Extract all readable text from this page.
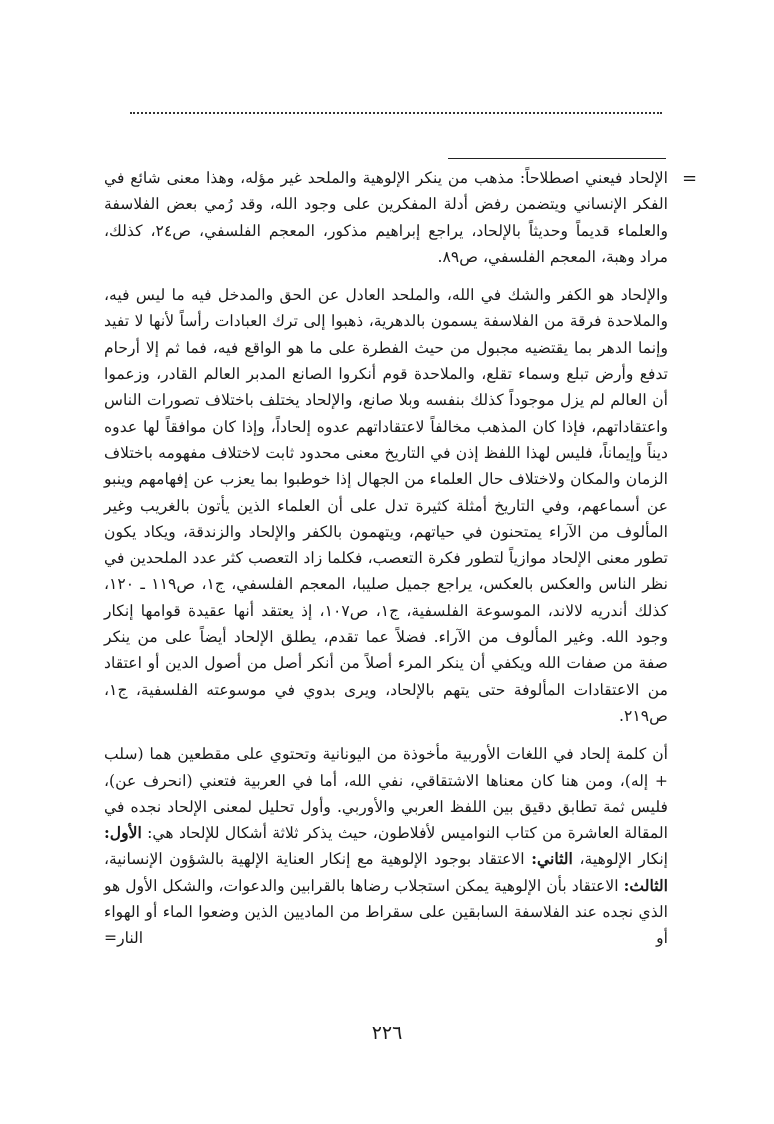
=

الإلحاد فيعني اصطلاحاً: مذهب من ينكر الإلوهية والملحد غير مؤله، وهذا معنى شائع في الفكر الإنساني ويتضمن رفض أدلة المفكرين على وجود الله، وقد رُمي بعض الفلاسفة والعلماء قديماً وحديثاً بالإلحاد، يراجع إبراهيم مذكور، المعجم الفلسفي، ص٢٤، كذلك، مراد وهبة، المعجم الفلسفي، ص٨٩.

والإلحاد هو الكفر والشك في الله، والملحد العادل عن الحق والمدخل فيه ما ليس فيه، والملاحدة فرقة من الفلاسفة يسمون بالدهرية، ذهبوا إلى ترك العبادات رأساً لأنها لا تفيد وإنما الدهر بما يقتضيه مجبول من حيث الفطرة على ما هو الواقع فيه، فما ثم إلا أرحام تدفع وأرض تبلع وسماء تقلع، والملاحدة قوم أنكروا الصانع المدبر العالم القادر، وزعموا أن العالم لم يزل موجوداً كذلك بنفسه وبلا صانع، والإلحاد يختلف باختلاف تصورات الناس واعتقاداتهم، فإذا كان المذهب مخالفاً لاعتقاداتهم عدوه إلحاداً، وإذا كان موافقاً لها عدوه ديناً وإيماناً، فليس لهذا اللفظ إذن في التاريخ معنى محدود ثابت لاختلاف مفهومه باختلاف الزمان والمكان ولاختلاف حال العلماء من الجهال إذا خوطبوا بما يعزب عن إفهامهم وينبو عن أسماعهم، وفي التاريخ أمثلة كثيرة تدل على أن العلماء الذين يأتون بالغريب وغير المألوف من الآراء يمتحنون في حياتهم، ويتهمون بالكفر والإلحاد والزندقة، ويكاد يكون تطور معنى الإلحاد موازياً لتطور فكرة التعصب، فكلما زاد التعصب كثر عدد الملحدين في نظر الناس والعكس بالعكس، يراجع جميل صليبا، المعجم الفلسفي، ج١، ص١١٩ ـ ١٢٠، كذلك أندريه لالاند، الموسوعة الفلسفية، ج١، ص١٠٧، إذ يعتقد أنها عقيدة قوامها إنكار وجود الله. وغير المألوف من الآراء. فضلاً عما تقدم، يطلق الإلحاد أيضاً على من ينكر صفة من صفات الله ويكفي أن ينكر المرء أصلاً من أنكر أصل من أصول الدين أو اعتقاد من الاعتقادات المألوفة حتى يتهم بالإلحاد، ويرى بدوي في موسوعته الفلسفية، ج١، ص٢١٩.

أن كلمة إلحاد في اللغات الأوربية مأخوذة من اليونانية وتحتوي على مقطعين هما (سلب + إله)، ومن هنا كان معناها الاشتقاقي، نفي الله، أما في العربية فتعني (انحرف عن)، فليس ثمة تطابق دقيق بين اللفظ العربي والأوربي. وأول تحليل لمعنى الإلحاد نجده في المقالة العاشرة من كتاب النواميس لأفلاطون، حيث يذكر ثلاثة أشكال للإلحاد هي: الأول: إنكار الإلوهية، الثاني: الاعتقاد بوجود الإلوهية مع إنكار العناية الإلهية بالشؤون الإنسانية، الثالث: الاعتقاد بأن الإلوهية يمكن استجلاب رضاها بالقرابين والدعوات، والشكل الأول هو الذي نجده عند الفلاسفة السابقين على سقراط من الماديين الذين وضعوا الماء أو الهواء أو النار=

٢٢٦
